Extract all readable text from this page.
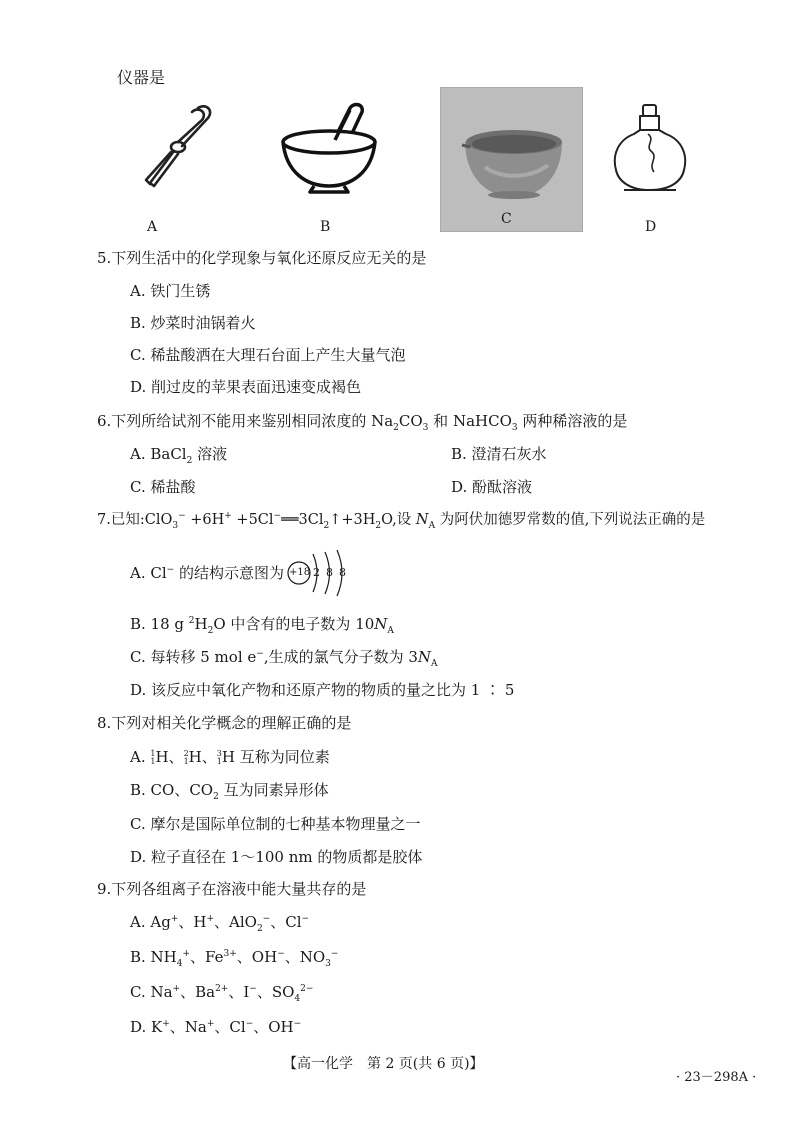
仪器是
A	B	C	D
5.下列生活中的化学现象与氧化还原反应无关的是
A. 铁门生锈
B. 炒菜时油锅着火
C. 稀盐酸洒在大理石台面上产生大量气泡
D. 削过皮的苹果表面迅速变成褐色
6.下列所给试剂不能用来鉴别相同浓度的 $Na_2CO_3$ 和 NaHCO$_3$ 两种稀溶液的是
A. BaCl$_2$ 溶液	B. 澄清石灰水
C. 稀盐酸	D. 酚酞溶液
7.已知:ClO$_3$− $+6H^+ +5Cl^-══3Cl_2↑+3H_2O$,设 $N_A$ 为阿伏加德罗常数的值,下列说法正确的是
A. Cl− 的结构示意图为 +18 2 8 8
B. 18 g $^2H_2O$ 中含有的电子数为 $10N_A$
C. 每转移 5 mol e−,生成的氯气分子数为 $3N_A$
D. 该反应中氧化产物和还原产物的物质的量之比为 1 ∶ 5
8.下列对相关化学概念的理解正确的是
A. 1
1 H、 2
1 H、 3
1 H 互称为同位素
B. CO、$CO_2$ 互为同素异形体
C. 摩尔是国际单位制的七种基本物理量之一
D. 粒子直径在 1～100 nm 的物质都是胶体
9.下列各组离子在溶液中能大量共存的是
A. Ag+、H+、AlO$_2$−、Cl−
B. $NH_4^+$、$Fe^{3+}$、OH−、$NO_3^-$
C. Na+、$Ba^{2+}$、I−、$SO_4^{2-}$
D. K+、Na+、Cl−、OH−
【高一化学　第 2 页(共 6 页)】
· 23－298A ·
